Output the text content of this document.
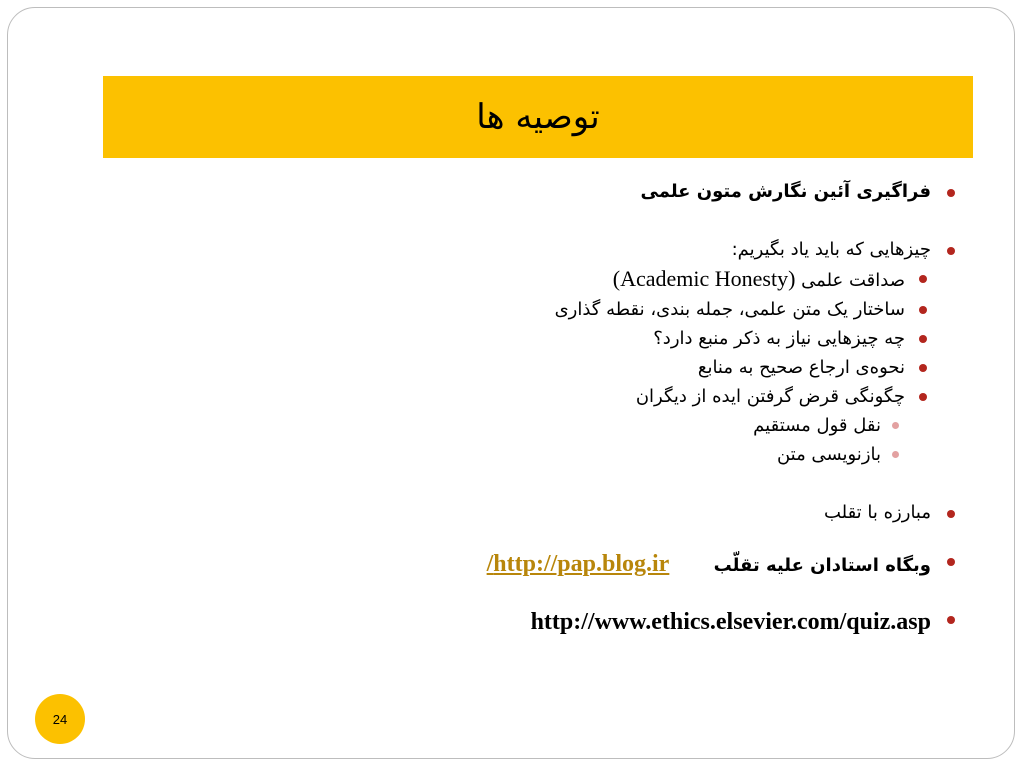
توصیه ها
فراگیری آئین نگارش متون علمی
چیزهایی که باید یاد بگیریم:
صداقت علمی (Academic Honesty)
ساختار یک متن علمی، جمله بندی، نقطه گذاری
چه چیزهایی نیاز به ذکر منبع دارد؟
نحوه‌ی ارجاع صحیح به منابع
چگونگی قرض گرفتن ایده از دیگران
نقل قول مستقیم
بازنویسی متن
مبارزه با تقلب
وبگاه استادان علیه تقلّب http://pap.blog.ir/
http://www.ethics.elsevier.com/quiz.asp
24
